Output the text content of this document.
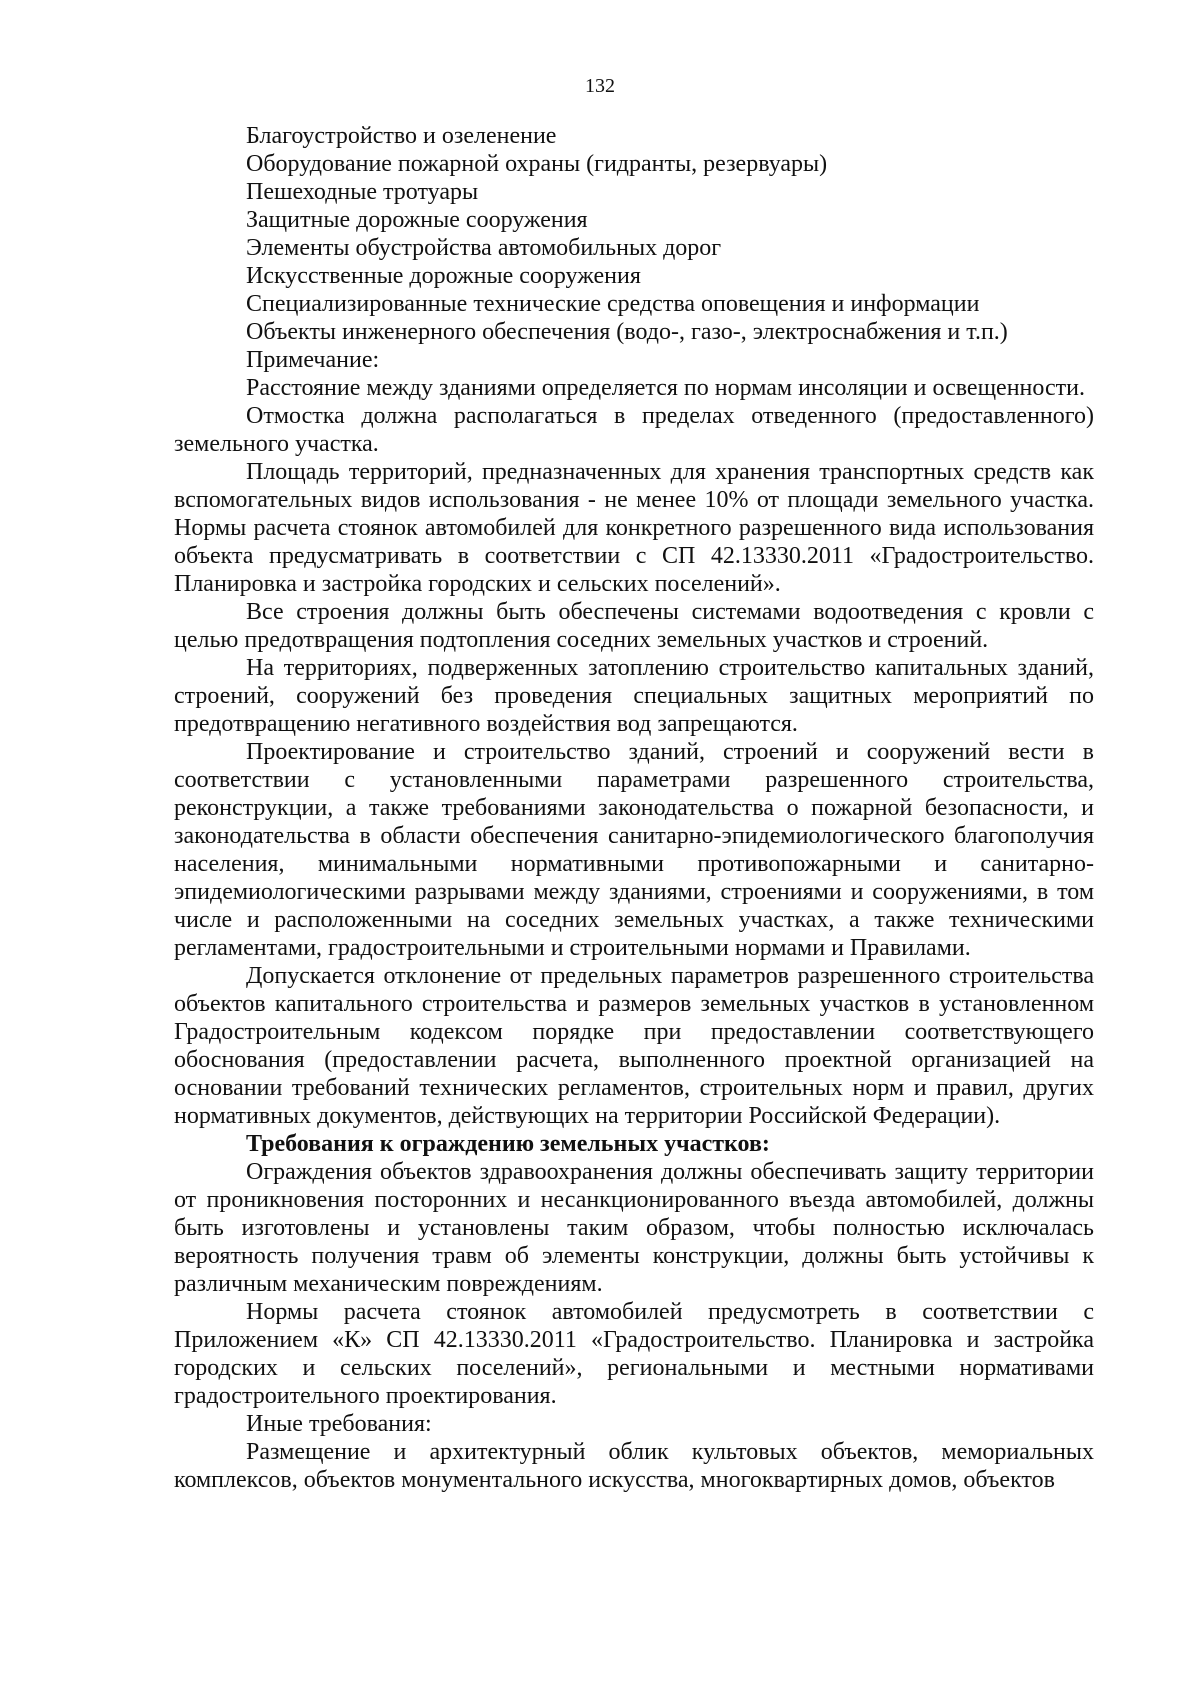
132

Благоустройство и озеленение

Оборудование пожарной охраны (гидранты, резервуары)

Пешеходные тротуары

Защитные дорожные сооружения

Элементы обустройства автомобильных дорог

Искусственные дорожные сооружения

Специализированные технические средства оповещения и информации

Объекты инженерного обеспечения (водо-, газо-, электроснабжения и т.п.)

Примечание:

Расстояние между зданиями определяется по нормам инсоляции и освещенности.

Отмостка должна располагаться в пределах отведенного (предоставленного) земельного участка.

Площадь территорий, предназначенных для хранения транспортных средств как вспомогательных видов использования - не менее 10% от площади земельного участка. Нормы расчета стоянок автомобилей для конкретного разрешенного вида использования объекта предусматривать в соответствии с СП 42.13330.2011 «Градостроительство. Планировка и застройка городских и сельских поселений».

Все строения должны быть обеспечены системами водоотведения с кровли с целью предотвращения подтопления соседних земельных участков и строений.

На территориях, подверженных затоплению строительство капитальных зданий, строений, сооружений без проведения специальных защитных мероприятий по предотвращению негативного воздействия вод запрещаются.

Проектирование и строительство зданий, строений и сооружений вести в соответствии с установленными параметрами разрешенного строительства, реконструкции, а также требованиями законодательства о пожарной безопасности, и законодательства в области обеспечения санитарно-эпидемиологического благополучия населения, минимальными нормативными противопожарными и санитарно-эпидемиологическими разрывами между зданиями, строениями и сооружениями, в том числе и расположенными на соседних земельных участках, а также техническими регламентами, градостроительными и строительными нормами и Правилами.

Допускается отклонение от предельных параметров разрешенного строительства объектов капитального строительства и размеров земельных участков в установленном Градостроительным кодексом порядке при предоставлении соответствующего обоснования (предоставлении расчета, выполненного проектной организацией на основании требований технических регламентов, строительных норм и правил, других нормативных документов, действующих на территории Российской Федерации).

Требования к ограждению земельных участков:

Ограждения объектов здравоохранения должны обеспечивать защиту территории от проникновения посторонних и несанкционированного въезда автомобилей, должны быть изготовлены и установлены таким образом, чтобы полностью исключалась вероятность получения травм об элементы конструкции, должны быть устойчивы к различным механическим повреждениям.

Нормы расчета стоянок автомобилей предусмотреть в соответствии с Приложением «К» СП 42.13330.2011 «Градостроительство. Планировка и застройка городских и сельских поселений», региональными и местными нормативами градостроительного проектирования.

Иные требования:

Размещение и архитектурный облик культовых объектов, мемориальных комплексов, объектов монументального искусства, многоквартирных домов, объектов
